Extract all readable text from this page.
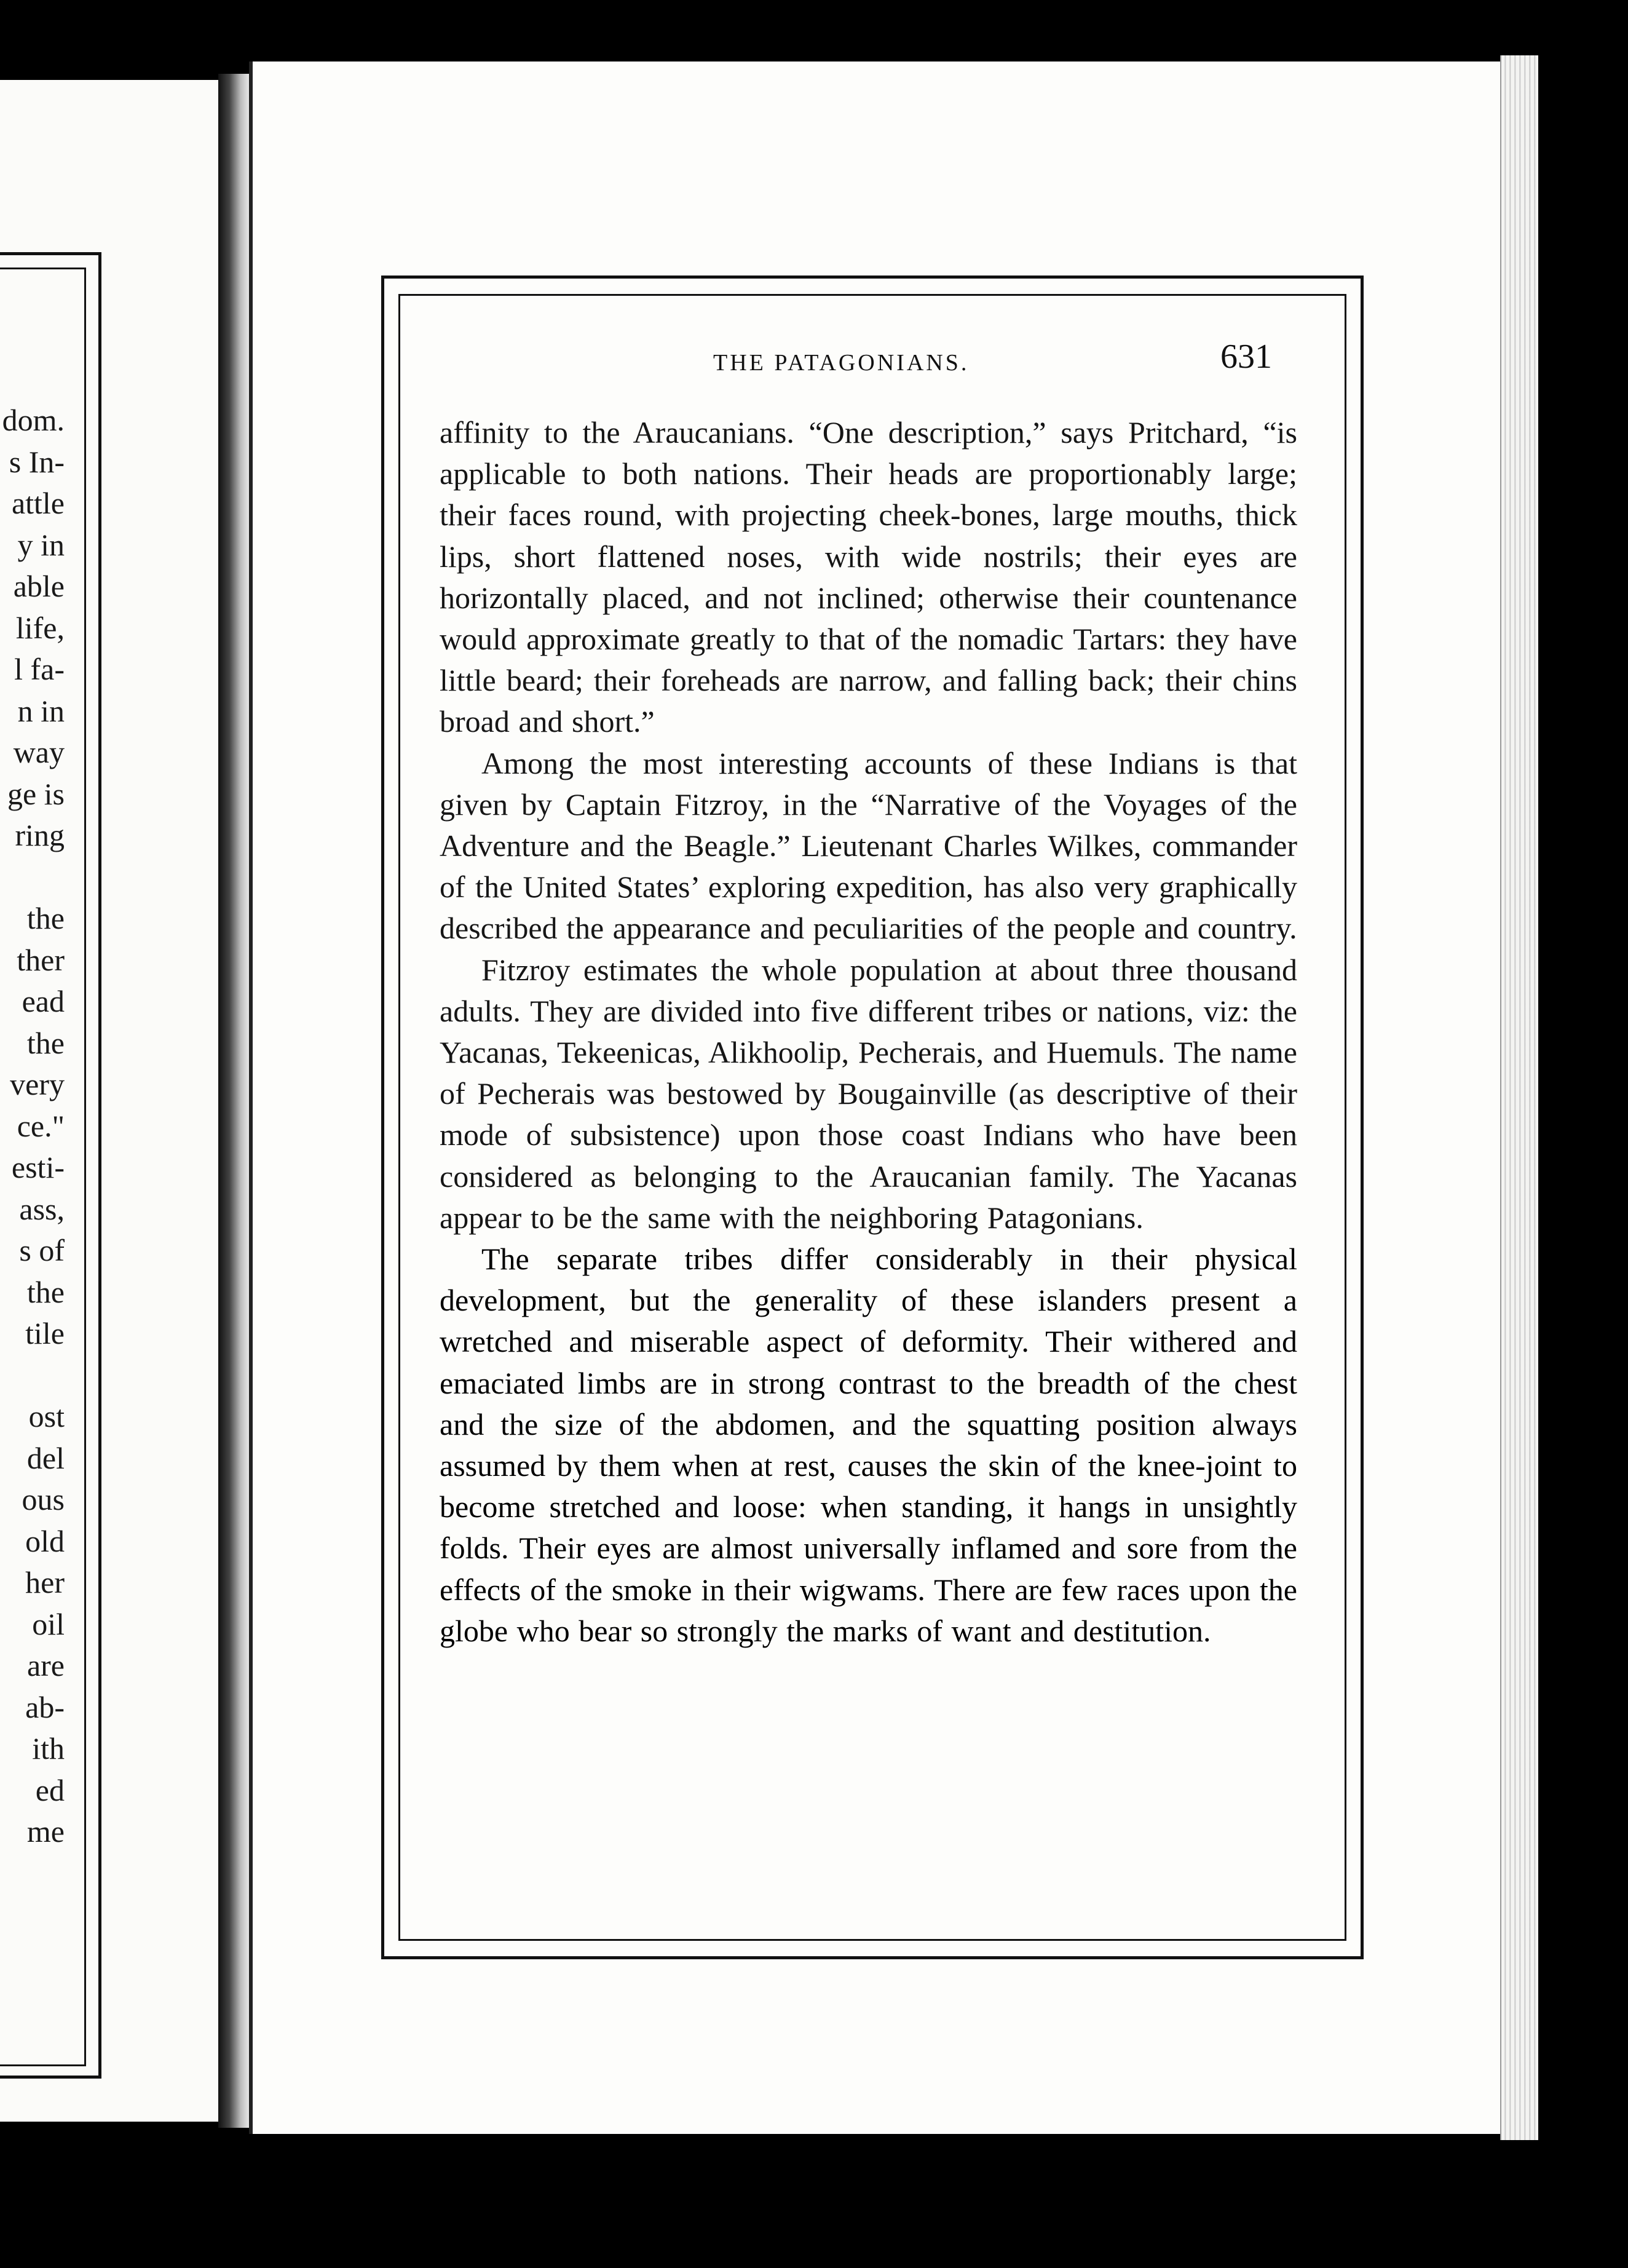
dom.
s In-
attle
y in
able
life,
l fa-
n in
way
ge is
ring

the
ther
ead
the
very
ce."
esti-
ass,
s of
the
tile

ost
del
ous
old
her
oil
are
ab-
ith
ed
me
THE PATAGONIANS.	631

affinity to the Araucanians. “One description,” says Pritchard, “is applicable to both nations. Their heads are proportionably large; their faces round, with projecting cheek-bones, large mouths, thick lips, short flattened noses, with wide nostrils; their eyes are horizontally placed, and not inclined; otherwise their countenance would approximate greatly to that of the nomadic Tartars: they have little beard; their foreheads are narrow, and falling back; their chins broad and short.”

Among the most interesting accounts of these Indians is that given by Captain Fitzroy, in the “Narrative of the Voyages of the Adventure and the Beagle.” Lieutenant Charles Wilkes, commander of the United States’ exploring expedition, has also very graphically described the appearance and peculiarities of the people and country.

Fitzroy estimates the whole population at about three thousand adults. They are divided into five different tribes or nations, viz: the Yacanas, Tekeenicas, Alikhoolip, Pecherais, and Huemuls. The name of Pecherais was bestowed by Bougainville (as descriptive of their mode of subsistence) upon those coast Indians who have been considered as belonging to the Araucanian family. The Yacanas appear to be the same with the neighboring Patagonians.

The separate tribes differ considerably in their physical development, but the generality of these islanders present a wretched and miserable aspect of deformity. Their withered and emaciated limbs are in strong contrast to the breadth of the chest and the size of the abdomen, and the squatting position always assumed by them when at rest, causes the skin of the knee-joint to become stretched and loose: when standing, it hangs in unsightly folds. Their eyes are almost universally inflamed and sore from the effects of the smoke in their wigwams. There are few races upon the globe who bear so strongly the marks of want and destitution.
